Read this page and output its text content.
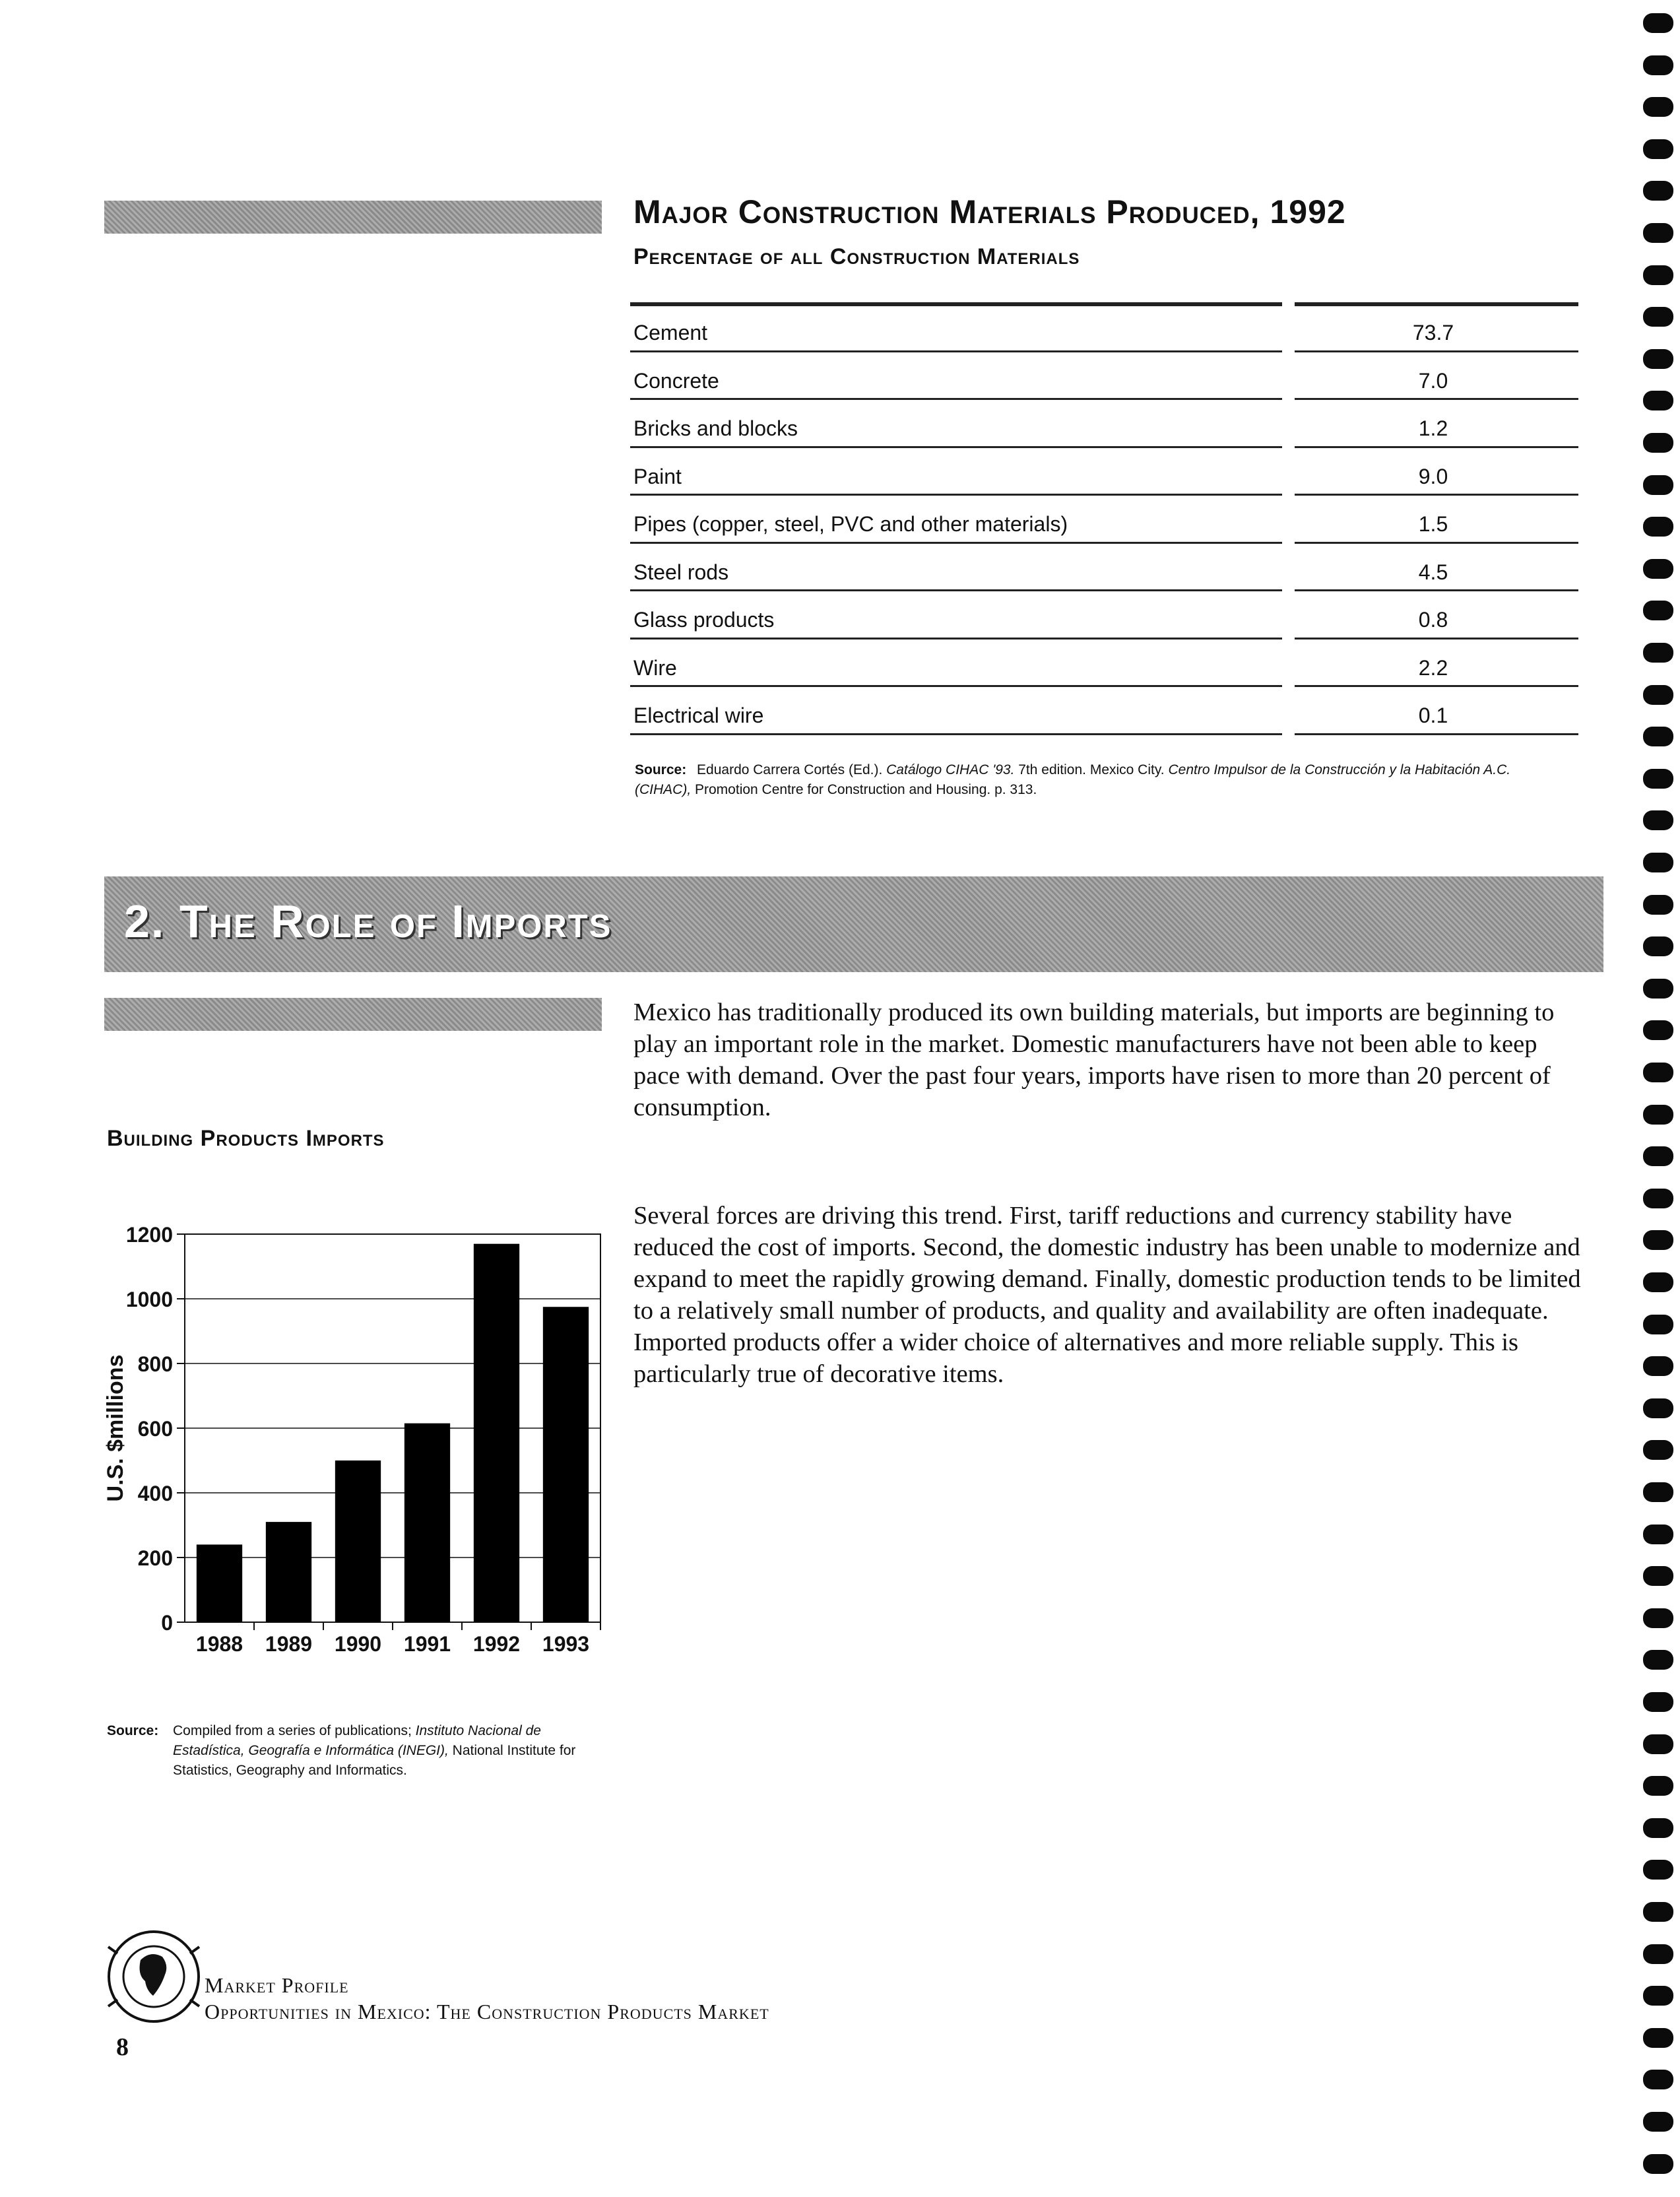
Major Construction Materials Produced, 1992
Percentage of all Construction Materials
Cement	73.7
Concrete	7.0
Bricks and blocks	1.2
Paint	9.0
Pipes (copper, steel, PVC and other materials)	1.5
Steel rods	4.5
Glass products	0.8
Wire	2.2
Electrical wire	0.1
Source: Eduardo Carrera Cortés (Ed.). Catálogo CIHAC '93. 7th edition. Mexico City. Centro Impulsor de la Construcción y la Habitación A.C. (CIHAC), Promotion Centre for Construction and Housing. p. 313.
2. The Role of Imports
Mexico has traditionally produced its own building materials, but imports are beginning to play an important role in the market. Domestic manufacturers have not been able to keep pace with demand. Over the past four years, imports have risen to more than 20 percent of consumption.
Several forces are driving this trend. First, tariff reductions and currency stability have reduced the cost of imports. Second, the domestic industry has been unable to modernize and expand to meet the rapidly growing demand. Finally, domestic production tends to be limited to a relatively small number of products, and quality and availability are often inadequate. Imported products offer a wider choice of alternatives and more reliable supply. This is particularly true of decorative items.
Building Products Imports
0
200
400
600
800
1000
1200
1988 1989 1990 1991 1992 1993
U.S. $millions
Source:	Compiled from a series of publications; Instituto Nacional de Estadística, Geografía e Informática (INEGI), National Institute for Statistics, Geography and Informatics.
Market Profile
Opportunities in Mexico: The Construction Products Market
8
